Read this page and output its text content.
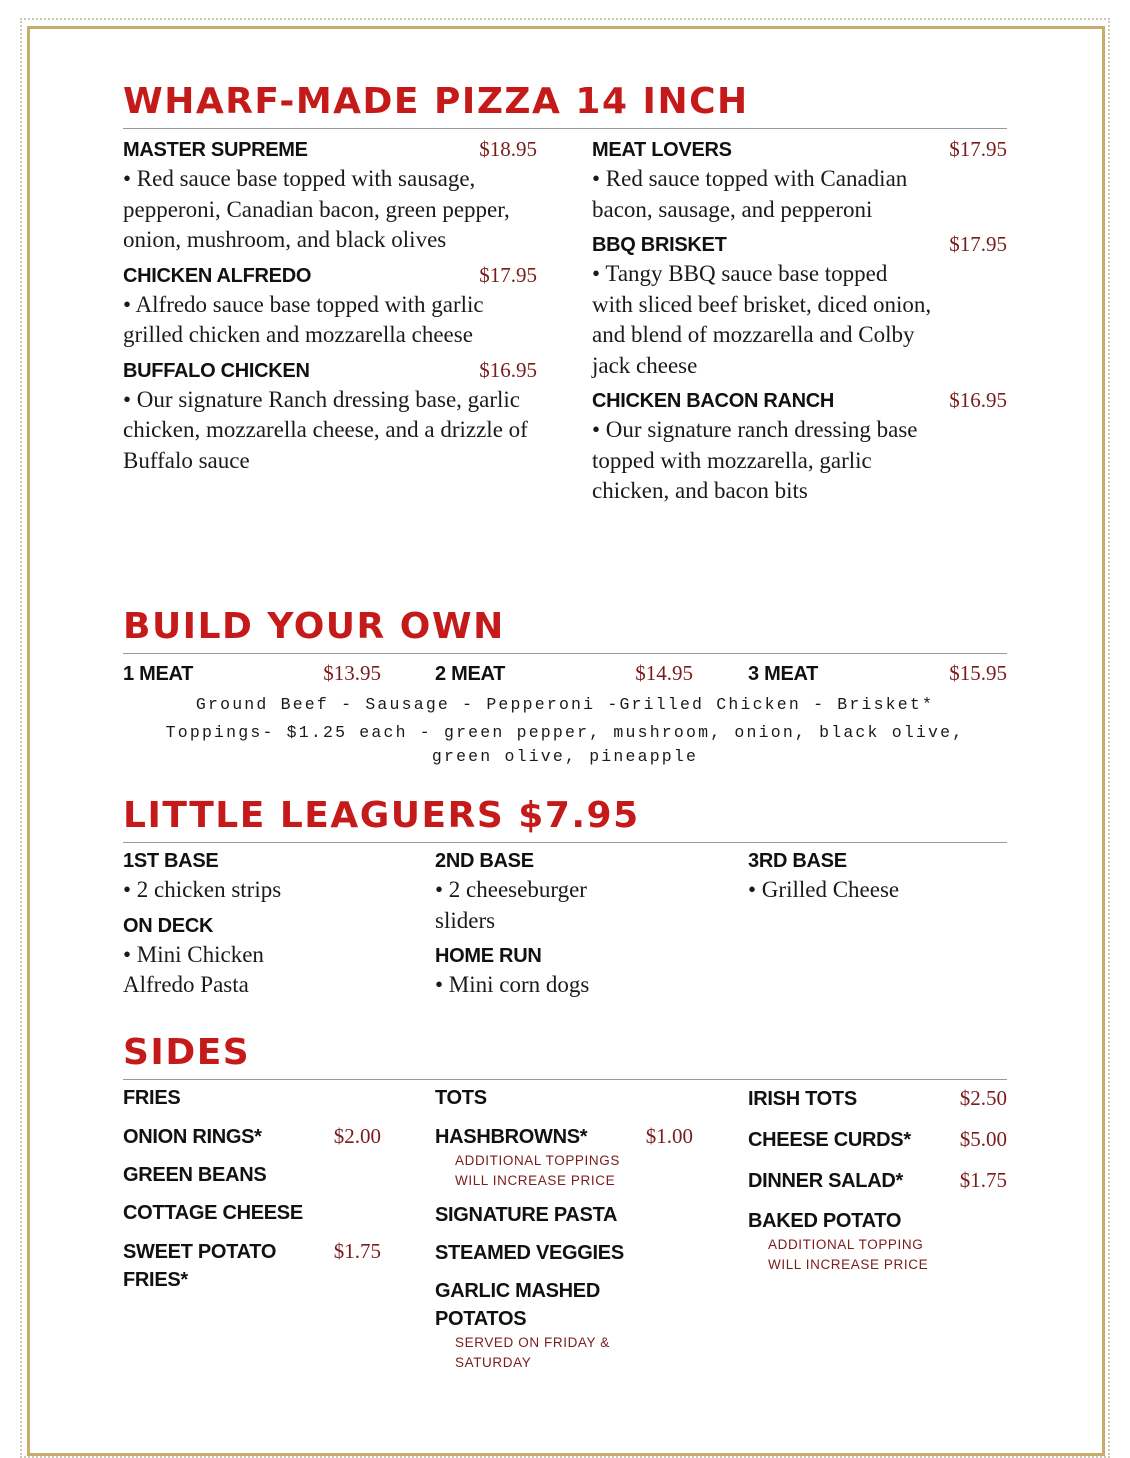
WHARF-MADE PIZZA 14 INCH
MASTER SUPREME	$18.95
• Red sauce base topped with sausage, pepperoni, Canadian bacon, green pepper, onion, mushroom, and black olives
CHICKEN ALFREDO	$17.95
• Alfredo sauce base topped with garlic grilled chicken and mozzarella cheese
BUFFALO CHICKEN	$16.95
• Our signature Ranch dressing base, garlic chicken, mozzarella cheese, and a drizzle of Buffalo sauce
MEAT LOVERS	$17.95
• Red sauce topped with Canadian bacon, sausage, and pepperoni
BBQ BRISKET	$17.95
• Tangy BBQ sauce base topped with sliced beef brisket, diced onion, and blend of mozzarella and Colby jack cheese
CHICKEN BACON RANCH	$16.95
• Our signature ranch dressing base topped with mozzarella, garlic chicken, and bacon bits
BUILD YOUR OWN
1 MEAT	$13.95	2 MEAT	$14.95	3 MEAT	$15.95
Ground Beef - Sausage - Pepperoni -Grilled Chicken - Brisket*
Toppings- $1.25 each - green pepper, mushroom, onion, black olive,
green olive, pineapple
LITTLE LEAGUERS $7.95
1ST BASE
• 2 chicken strips
ON DECK
• Mini Chicken Alfredo Pasta
2ND BASE
• 2 cheeseburger sliders
HOME RUN
• Mini corn dogs
3RD BASE
• Grilled Cheese
SIDES
FRIES
ONION RINGS*	$2.00
GREEN BEANS
COTTAGE CHEESE
SWEET POTATO FRIES*
$1.75
TOTS
HASHBROWNS*	$1.00
ADDITIONAL TOPPINGS WILL INCREASE PRICE
SIGNATURE PASTA
STEAMED VEGGIES
GARLIC MASHED POTATOS
SERVED ON FRIDAY & SATURDAY
IRISH TOTS	$2.50
CHEESE CURDS* $5.00
DINNER SALAD*	$1.75
BAKED POTATO
ADDITIONAL TOPPING WILL INCREASE PRICE
